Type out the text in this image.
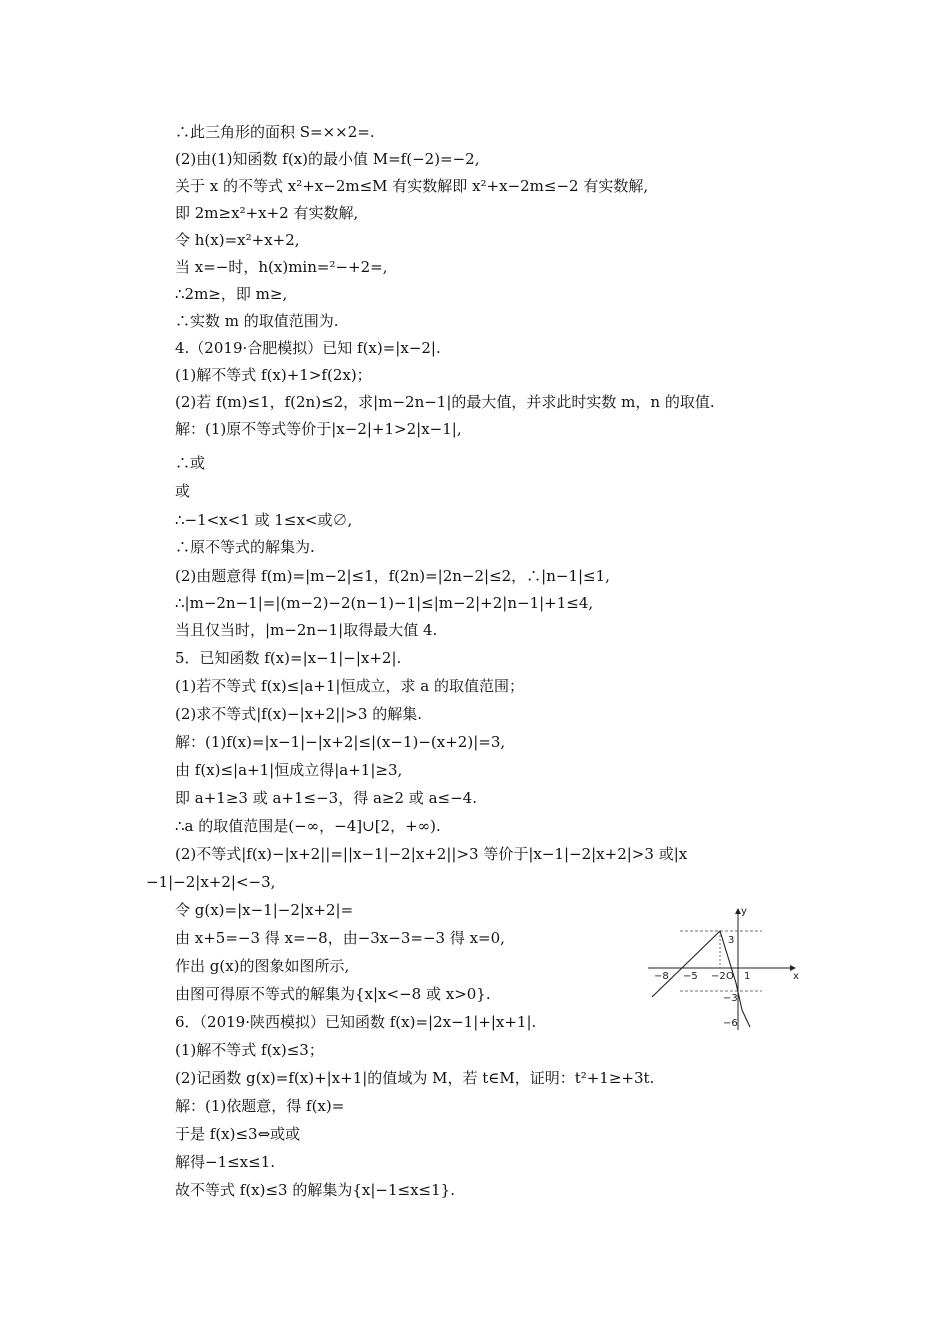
∴此三角形的面积 S=××2=.
(2)由(1)知函数 f(x)的最小值 M=f(−2)=−2,
关于 x 的不等式 x²+x−2m≤M 有实数解即 x²+x−2m≤−2 有实数解,
即 2m≥x²+x+2 有实数解,
令 h(x)=x²+x+2,
当 x=−时，h(x)min=²−+2=,
∴2m≥，即 m≥,
∴实数 m 的取值范围为.
4.（2019·合肥模拟）已知 f(x)=|x−2|.
(1)解不等式 f(x)+1>f(2x)；
(2)若 f(m)≤1，f(2n)≤2，求|m−2n−1|的最大值，并求此时实数 m，n 的取值.
解：(1)原不等式等价于|x−2|+1>2|x−1|,
∴或
或
∴−1<x<1 或 1≤x<或∅,
∴原不等式的解集为.
(2)由题意得 f(m)=|m−2|≤1，f(2n)=|2n−2|≤2，∴|n−1|≤1,
∴|m−2n−1|=|(m−2)−2(n−1)−1|≤|m−2|+2|n−1|+1≤4,
当且仅当时，|m−2n−1|取得最大值 4.
5．已知函数 f(x)=|x−1|−|x+2|.
(1)若不等式 f(x)≤|a+1|恒成立，求 a 的取值范围；
(2)求不等式|f(x)−|x+2||>3 的解集.
解：(1)f(x)=|x−1|−|x+2|≤|(x−1)−(x+2)|=3,
由 f(x)≤|a+1|恒成立得|a+1|≥3,
即 a+1≥3 或 a+1≤−3，得 a≥2 或 a≤−4.
∴a 的取值范围是(−∞，−4]∪[2，+∞).
(2)不等式|f(x)−|x+2||=||x−1|−2|x+2||>3 等价于|x−1|−2|x+2|>3 或|x
−1|−2|x+2|<−3,
令 g(x)=|x−1|−2|x+2|=
由 x+5=−3 得 x=−8，由−3x−3=−3 得 x=0,
作出 g(x)的图象如图所示,
由图可得原不等式的解集为{x|x<−8 或 x>0}.
6．（2019·陕西模拟）已知函数 f(x)=|2x−1|+|x+1|.
(1)解不等式 f(x)≤3；
(2)记函数 g(x)=f(x)+|x+1|的值域为 M，若 t∈M，证明：t²+1≥+3t.
解：(1)依题意，得 f(x)=
于是 f(x)≤3⇔或或
解得−1≤x≤1.
故不等式 f(x)≤3 的解集为{x|−1≤x≤1}.
y
x
O
−8 −5 −2 1
3
−3
−6
